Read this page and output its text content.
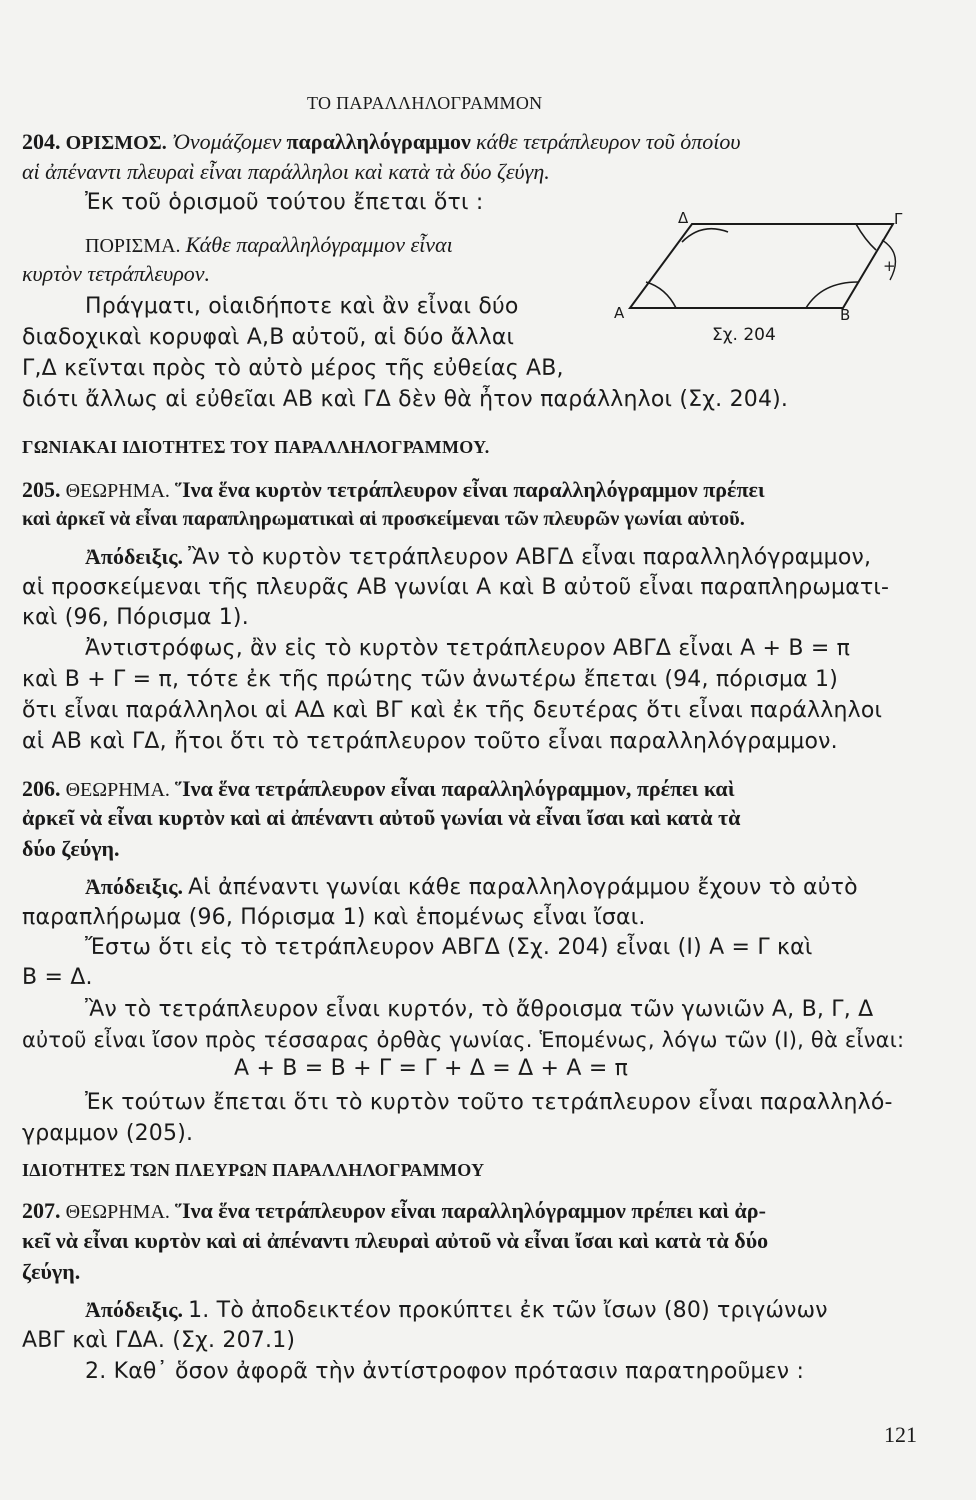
ΤΟ ΠΑΡΑΛΛΗΛΟΓΡΑΜΜΟΝ
204. ΟΡΙΣΜΟΣ. Ὀνομάζομεν παραλληλόγραμμον κάθε τετράπλευρον τοῦ ὁποίου
αἱ ἀπέναντι πλευραὶ εἶναι παράλληλοι καὶ κατὰ τὰ δύο ζεύγη.
Ἐκ τοῦ ὁρισμοῦ τούτου ἔπεται ὅτι :
ΠΟΡΙΣΜΑ. Κάθε παραλληλόγραμμον εἶναι
κυρτὸν τετράπλευρον.
Πράγματι, οἱαιδήποτε καὶ ἂν εἶναι δύο
διαδοχικαὶ κορυφαὶ Α,Β αὐτοῦ, αἱ δύο ἄλλαι
Γ,Δ κεῖνται πρὸς τὸ αὐτὸ μέρος τῆς εὐθείας ΑΒ,
διότι ἄλλως αἱ εὐθεῖαι ΑΒ καὶ ΓΔ δὲν θὰ ἦτον παράλληλοι (Σχ. 204).
+
Δ	Γ
Α	Β
Σχ. 204
ΓΩΝΙΑΚΑΙ ΙΔΙΟΤΗΤΕΣ ΤΟΥ ΠΑΡΑΛΛΗΛΟΓΡΑΜΜΟΥ.
205. ΘΕΩΡΗΜΑ. Ἵνα ἕνα κυρτὸν τετράπλευρον εἶναι παραλληλόγραμμον πρέπει
καὶ ἀρκεῖ νὰ εἶναι παραπληρωματικαὶ αἱ προσκείμεναι τῶν πλευρῶν γωνίαι αὐτοῦ.
Ἀπόδειξις. Ἂν τὸ κυρτὸν τετράπλευρον ΑΒΓΔ εἶναι παραλληλόγραμμον,
αἱ προσκείμεναι τῆς πλευρᾶς ΑΒ γωνίαι Α καὶ Β αὐτοῦ εἶναι παραπληρωματι-
καὶ (96, Πόρισμα 1).
Ἀντιστρόφως, ἂν εἰς τὸ κυρτὸν τετράπλευρον ΑΒΓΔ εἶναι Α + Β = π
καὶ Β + Γ = π, τότε ἐκ τῆς πρώτης τῶν ἀνωτέρω ἔπεται (94, πόρισμα 1)
ὅτι εἶναι παράλληλοι αἱ ΑΔ καὶ ΒΓ καὶ ἐκ τῆς δευτέρας ὅτι εἶναι παράλληλοι
αἱ ΑΒ καὶ ΓΔ, ἤτοι ὅτι τὸ τετράπλευρον τοῦτο εἶναι παραλληλόγραμμον.
206. ΘΕΩΡΗΜΑ. Ἵνα ἕνα τετράπλευρον εἶναι παραλληλόγραμμον, πρέπει καὶ
ἀρκεῖ νὰ εἶναι κυρτὸν καὶ αἱ ἀπέναντι αὐτοῦ γωνίαι νὰ εἶναι ἴσαι καὶ κατὰ τὰ
δύο ζεύγη.
Ἀπόδειξις. Αἱ ἀπέναντι γωνίαι κάθε παραλληλογράμμου ἔχουν τὸ αὐτὸ
παραπλήρωμα (96, Πόρισμα 1) καὶ ἑπομένως εἶναι ἴσαι.
Ἔστω ὅτι εἰς τὸ τετράπλευρον ΑΒΓΔ (Σχ. 204) εἶναι (Ι) Α = Γ καὶ
Β = Δ.
Ἂν τὸ τετράπλευρον εἶναι κυρτόν, τὸ ἄθροισμα τῶν γωνιῶν Α, Β, Γ, Δ
αὐτοῦ εἶναι ἴσον πρὸς τέσσαρας ὀρθὰς γωνίας. Ἑπομένως, λόγω τῶν (Ι), θὰ εἶναι:
Α + Β = Β + Γ = Γ + Δ = Δ + Α = π
Ἐκ τούτων ἔπεται ὅτι τὸ κυρτὸν τοῦτο τετράπλευρον εἶναι παραλληλό-
γραμμον (205).
ΙΔΙΟΤΗΤΕΣ ΤΩΝ ΠΛΕΥΡΩΝ ΠΑΡΑΛΛΗΛΟΓΡΑΜΜΟΥ
207. ΘΕΩΡΗΜΑ. Ἵνα ἕνα τετράπλευρον εἶναι παραλληλόγραμμον πρέπει καὶ ἀρ-
κεῖ νὰ εἶναι κυρτὸν καὶ αἱ ἀπέναντι πλευραὶ αὐτοῦ νὰ εἶναι ἴσαι καὶ κατὰ τὰ δύο
ζεύγη.
Ἀπόδειξις. 1. Τὸ ἀποδεικτέον προκύπτει ἐκ τῶν ἴσων (80) τριγώνων
ΑΒΓ καὶ ΓΔΑ. (Σχ. 207.1)
2. Καθ᾽ ὅσον ἀφορᾶ τὴν ἀντίστροφον πρότασιν παρατηροῦμεν :
121
